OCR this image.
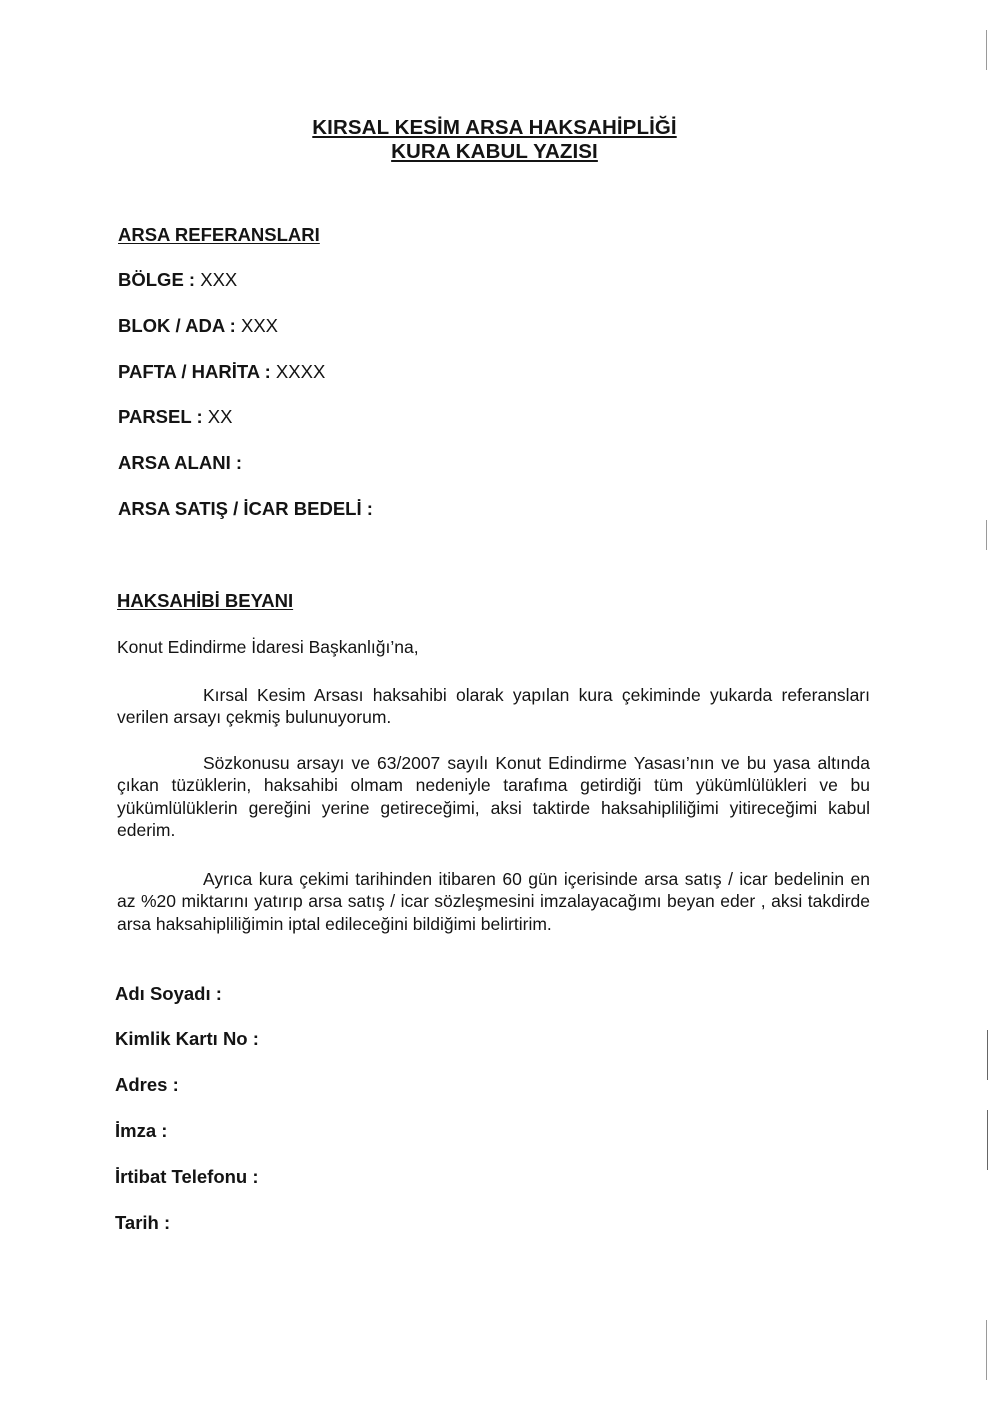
KIRSAL KESİM ARSA HAKSAHİPLİĞİ
KURA KABUL YAZISI
ARSA REFERANSLARI
BÖLGE : XXX
BLOK / ADA : XXX
PAFTA / HARİTA : XXXX
PARSEL : XX
ARSA ALANI :
ARSA SATIŞ / İCAR BEDELİ :
HAKSAHİBİ BEYANI
Konut Edindirme İdaresi Başkanlığı’na,
Kırsal Kesim Arsası haksahibi olarak yapılan kura çekiminde yukarda referansları verilen arsayı çekmiş bulunuyorum.
Sözkonusu arsayı ve 63/2007 sayılı Konut Edindirme Yasası’nın ve bu yasa altında çıkan tüzüklerin, haksahibi olmam nedeniyle tarafıma getirdiği tüm yükümlülükleri ve bu yükümlülüklerin gereğini yerine getireceğimi, aksi taktirde haksahipliliğimi yitireceğimi kabul ederim.
Ayrıca kura çekimi tarihinden itibaren 60 gün içerisinde arsa satış / icar bedelinin en az %20 miktarını yatırıp arsa satış / icar sözleşmesini imzalayacağımı beyan eder , aksi takdirde arsa haksahipliliğimin iptal edileceğini bildiğimi belirtirim.
Adı Soyadı :
Kimlik Kartı No :
Adres :
İmza :
İrtibat Telefonu :
Tarih :
